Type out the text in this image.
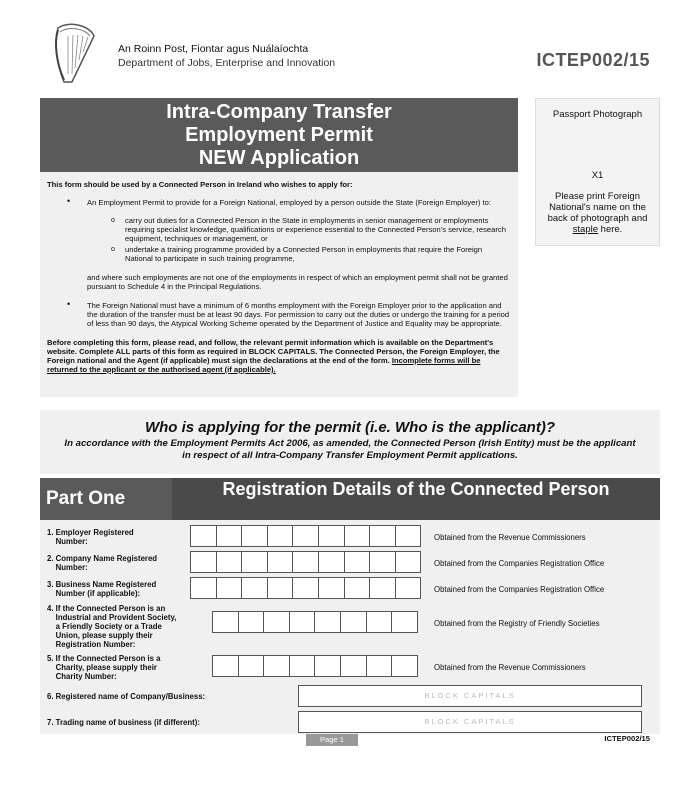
An Roinn Post, Fiontar agus Nuálaíochta
Department of Jobs, Enterprise and Innovation	ICTEP002/15
Intra-Company Transfer
Employment Permit
NEW Application
Passport Photograph
X1
Please print Foreign National's name on the back of photograph and staple here.
This form should be used by a Connected Person in Ireland who wishes to apply for:
• An Employment Permit to provide for a Foreign National, employed by a person outside the State (Foreign Employer) to:
o carry out duties for a Connected Person in the State in employments in senior management or employments requiring specialist knowledge, qualifications or experience essential to the Connected Person's service, research equipment, techniques or management, or
o undertake a training programme provided by a Connected Person in employments that require the Foreign National to participate in such training programme,
and where such employments are not one of the employments in respect of which an employment permit shall not be granted pursuant to Schedule 4 in the Principal Regulations.
• The Foreign National must have a minimum of 6 months employment with the Foreign Employer prior to the application and the duration of the transfer must be at least 90 days. For permission to carry out the duties or undergo the training for a period of less than 90 days, the Atypical Working Scheme operated by the Department of Justice and Equality may be appropriate.
Before completing this form, please read, and follow, the relevant permit information which is available on the Department's website. Complete ALL parts of this form as required in BLOCK CAPITALS. The Connected Person, the Foreign Employer, the Foreign national and the Agent (if applicable) must sign the declarations at the end of the form. Incomplete forms will be returned to the applicant or the authorised agent (if applicable).
Who is applying for the permit (i.e. Who is the applicant)?
In accordance with the Employment Permits Act 2006, as amended, the Connected Person (Irish Entity) must be the applicant in respect of all Intra-Company Transfer Employment Permit applications.
Part One	Registration Details of the Connected Person
1. Employer Registered
Number:	Obtained from the Revenue Commissioners
2. Company Name Registered
Number:	Obtained from the Companies Registration Office
3. Business Name Registered
Number (if applicable):	Obtained from the Companies Registration Office
4. If the Connected Person is an
Industrial and Provident Society,
a Friendly Society or a Trade
Union, please supply their
Registration Number:
Obtained from the Registry of Friendly Societies
5. If the Connected Person is a
Charity, please supply their
Charity Number:
Obtained from the Revenue Commissioners
6. Registered name of Company/Business:	BLOCK CAPITALS
7. Trading name of business (if different):	BLOCK CAPITALS
Page 1	ICTEP002/15
